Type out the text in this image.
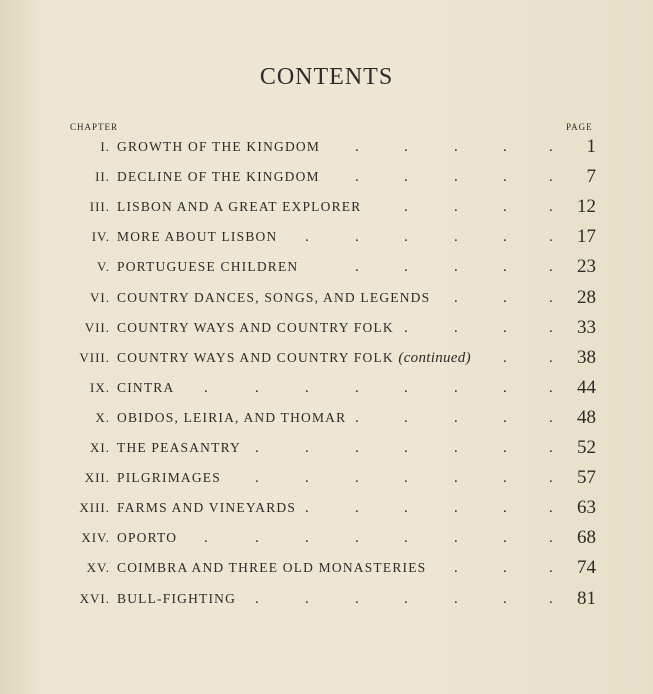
CONTENTS
CHAPTER	PAGE
I. GROWTH OF THE KINGDOM .	.	.	.	.	1
II. DECLINE OF THE KINGDOM .	.	.	.	.	7
III. LISBON AND A GREAT EXPLORER	.	.	.	.	12
IV. MORE ABOUT LISBON .	.	.	.	.	.	17
V. PORTUGUESE CHILDREN	.	.	.	.	.	23
VI. COUNTRY DANCES, SONGS, AND LEGENDS .	.	.	28
VII. COUNTRY WAYS AND COUNTRY FOLK .	.	.	.	33
VIII. COUNTRY WAYS AND COUNTRY FOLK (continued) .	.	38
IX. CINTRA .	.	.	.	.	.	.	.	44
X. OBIDOS, LEIRIA, AND THOMAR .	.	.	.	.	48
XI. THE PEASANTRY .	.	.	.	.	.	.	52
XII. PILGRIMAGES .	.	.	.	.	.	.	57
XIII. FARMS AND VINEYARDS .	.	.	.	.	.	63
XIV. OPORTO .	.	.	.	.	.	.	.	68
XV. COIMBRA AND THREE OLD MONASTERIES .	.	.	74
XVI. BULL-FIGHTING .	.	.	.	.	.	.	81
